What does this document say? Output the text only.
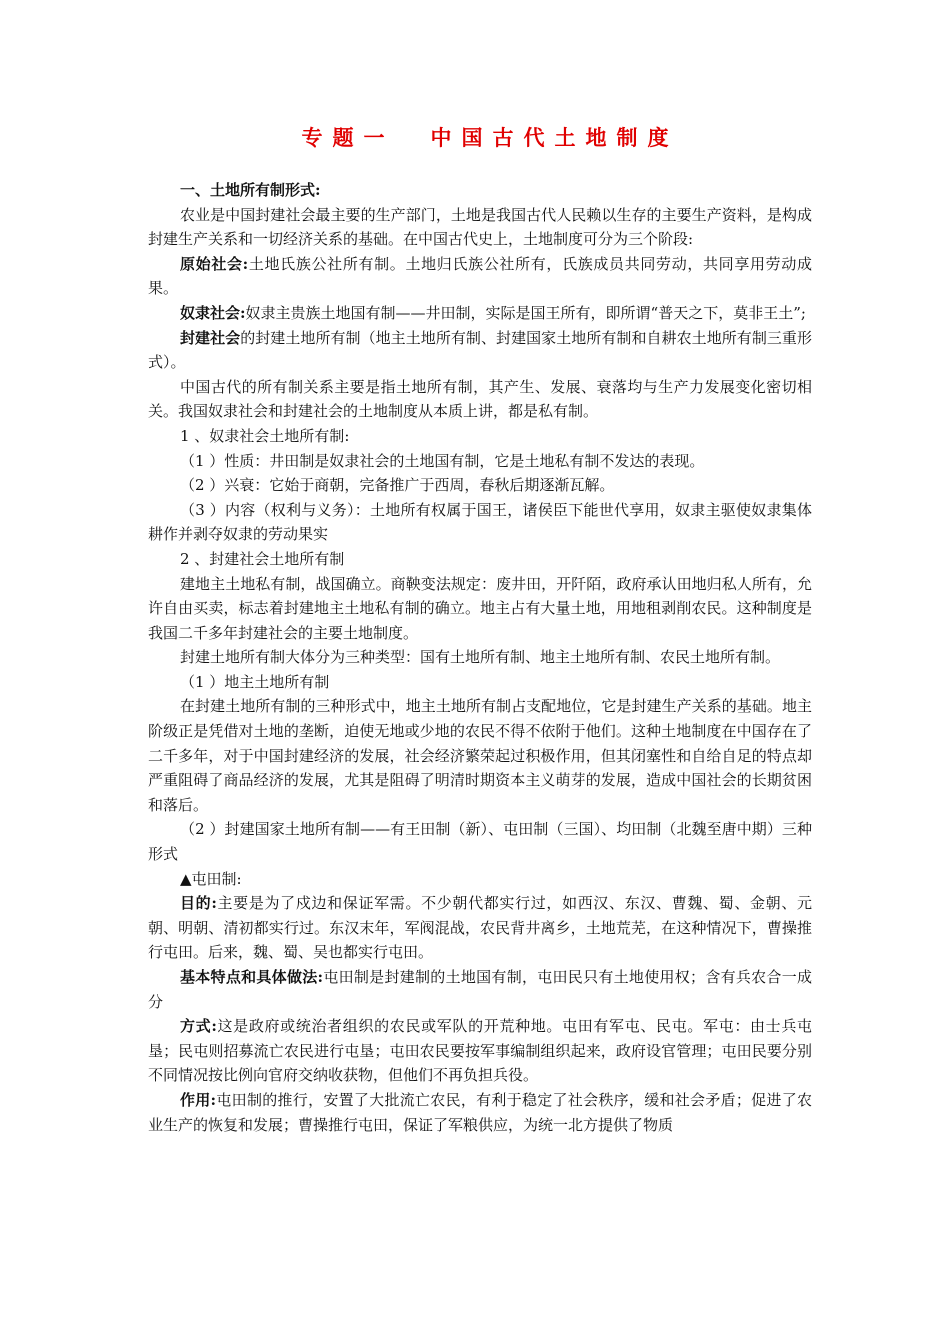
专题一 中国古代土地制度

一、土地所有制形式:

农业是中国封建社会最主要的生产部门，土地是我国古代人民赖以生存的主要生产资料，是构成封建生产关系和一切经济关系的基础。在中国古代史上，土地制度可分为三个阶段:

原始社会:土地氏族公社所有制。土地归氏族公社所有，氏族成员共同劳动，共同享用劳动成果。

奴隶社会:奴隶主贵族土地国有制——井田制，实际是国王所有，即所谓“普天之下，莫非王土”;

封建社会的封建土地所有制（地主土地所有制、封建国家土地所有制和自耕农土地所有制三重形式）。

中国古代的所有制关系主要是指土地所有制，其产生、发展、衰落均与生产力发展变化密切相关。我国奴隶社会和封建社会的土地制度从本质上讲，都是私有制。

1 、奴隶社会土地所有制:

（1 ）性质：井田制是奴隶社会的土地国有制，它是土地私有制不发达的表现。

（2 ）兴衰：它始于商朝，完备推广于西周，春秋后期逐渐瓦解。

（3 ）内容（权利与义务）：土地所有权属于国王，诸侯臣下能世代享用，奴隶主驱使奴隶集体耕作并剥夺奴隶的劳动果实

2 、封建社会土地所有制

建地主土地私有制，战国确立。商鞅变法规定：废井田，开阡陌，政府承认田地归私人所有，允许自由买卖，标志着封建地主土地私有制的确立。地主占有大量土地，用地租剥削农民。这种制度是我国二千多年封建社会的主要土地制度。

封建土地所有制大体分为三种类型：国有土地所有制、地主土地所有制、农民土地所有制。

（1 ）地主土地所有制

在封建土地所有制的三种形式中，地主土地所有制占支配地位，它是封建生产关系的基础。地主阶级正是凭借对土地的垄断，迫使无地或少地的农民不得不依附于他们。这种土地制度在中国存在了二千多年，对于中国封建经济的发展，社会经济繁荣起过积极作用，但其闭塞性和自给自足的特点却严重阻碍了商品经济的发展，尤其是阻碍了明清时期资本主义萌芽的发展，造成中国社会的长期贫困和落后。

（2 ）封建国家土地所有制——有王田制（新）、屯田制（三国）、均田制（北魏至唐中期）三种形式

▲屯田制:

目的:主要是为了戍边和保证军需。不少朝代都实行过，如西汉、东汉、曹魏、蜀、金朝、元朝、明朝、清初都实行过。东汉末年，军阀混战，农民背井离乡，土地荒芜，在这种情况下，曹操推行屯田。后来，魏、蜀、吴也都实行屯田。

基本特点和具体做法:屯田制是封建制的土地国有制，屯田民只有土地使用权；含有兵农合一成分

方式:这是政府或统治者组织的农民或军队的开荒种地。屯田有军屯、民屯。军屯：由士兵屯垦；民屯则招募流亡农民进行屯垦；屯田农民要按军事编制组织起来，政府设官管理；屯田民要分别不同情况按比例向官府交纳收获物，但他们不再负担兵役。

作用:屯田制的推行，安置了大批流亡农民，有利于稳定了社会秩序，缓和社会矛盾；促进了农业生产的恢复和发展；曹操推行屯田，保证了军粮供应，为统一北方提供了物质
